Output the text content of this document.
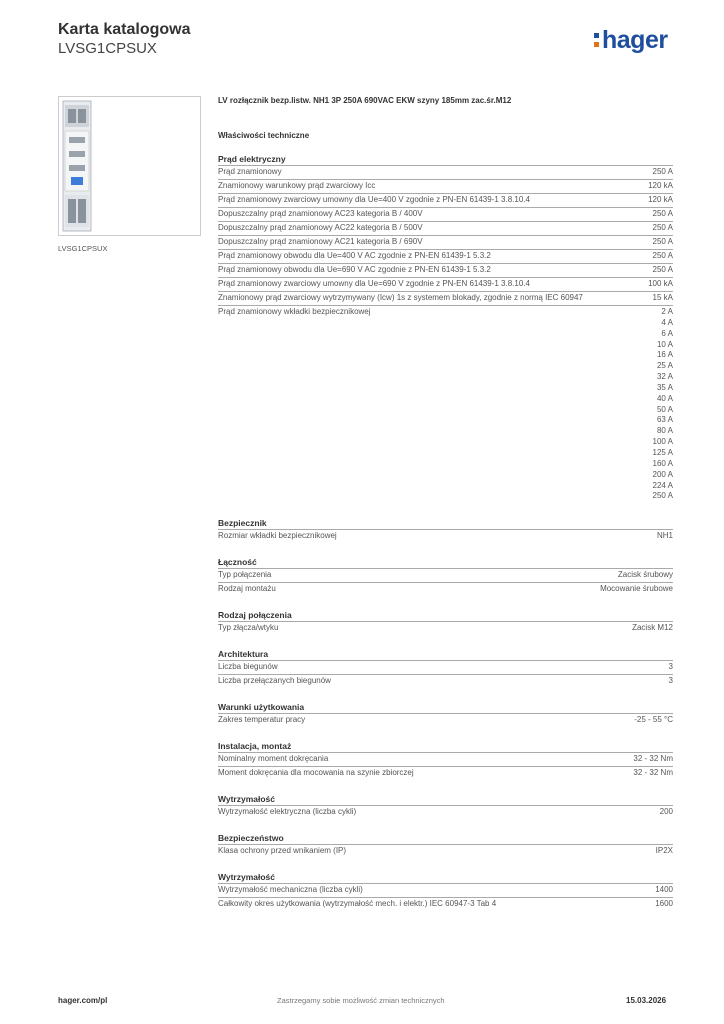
Karta katalogowa
LVSG1CPSUX	hager
LVSG1CPSUX
LV rozłącznik bezp.listw. NH1 3P 250A 690VAC EKW szyny 185mm zac.śr.M12
Właściwości techniczne
Prąd elektryczny
Prąd znamionowy	250 A
Znamionowy warunkowy prąd zwarciowy Icc	120 kA
Prąd znamionowy zwarciowy umowny dla Ue=400 V zgodnie z PN-EN 61439-1 3.8.10.4	120 kA
Dopuszczalny prąd znamionowy AC23 kategoria B / 400V	250 A
Dopuszczalny prąd znamionowy AC22 kategoria B / 500V	250 A
Dopuszczalny prąd znamionowy AC21 kategoria B / 690V	250 A
Prąd znamionowy obwodu dla Ue=400 V AC zgodnie z PN-EN 61439-1 5.3.2	250 A
Prąd znamionowy obwodu dla Ue=690 V AC zgodnie z PN-EN 61439-1 5.3.2	250 A
Prąd znamionowy zwarciowy umowny dla Ue=690 V zgodnie z PN-EN 61439-1 3.8.10.4	100 kA
Znamionowy prąd zwarciowy wytrzymywany (Icw) 1s z systemem blokady, zgodnie z normą IEC 60947	15 kA
Prąd znamionowy wkładki bezpiecznikowej	2 A
4 A
6 A
10 A
16 A
25 A
32 A
35 A
40 A
50 A
63 A
80 A
100 A
125 A
160 A
200 A
224 A
250 A
Bezpiecznik
Rozmiar wkładki bezpiecznikowej	NH1
Łączność
Typ połączenia	Zacisk śrubowy
Rodzaj montażu	Mocowanie śrubowe
Rodzaj połączenia
Typ złącza/wtyku	Zacisk M12
Architektura
Liczba biegunów	3
Liczba przełączanych biegunów	3
Warunki użytkowania
Zakres temperatur pracy	-25 - 55 °C
Instalacja, montaż
Nominalny moment dokręcania	32 - 32 Nm
Moment dokręcania dla mocowania na szynie zbiorczej	32 - 32 Nm
Wytrzymałość
Wytrzymałość elektryczna (liczba cykli)	200
Bezpieczeństwo
Klasa ochrony przed wnikaniem (IP)	IP2X
Wytrzymałość
Wytrzymałość mechaniczna (liczba cykli)	1400
Całkowity okres użytkowania (wytrzymałość mech. i elektr.) IEC 60947-3 Tab 4	1600
hager.com/pl	Zastrzegamy sobie możliwość zmian technicznych	15.03.2026
